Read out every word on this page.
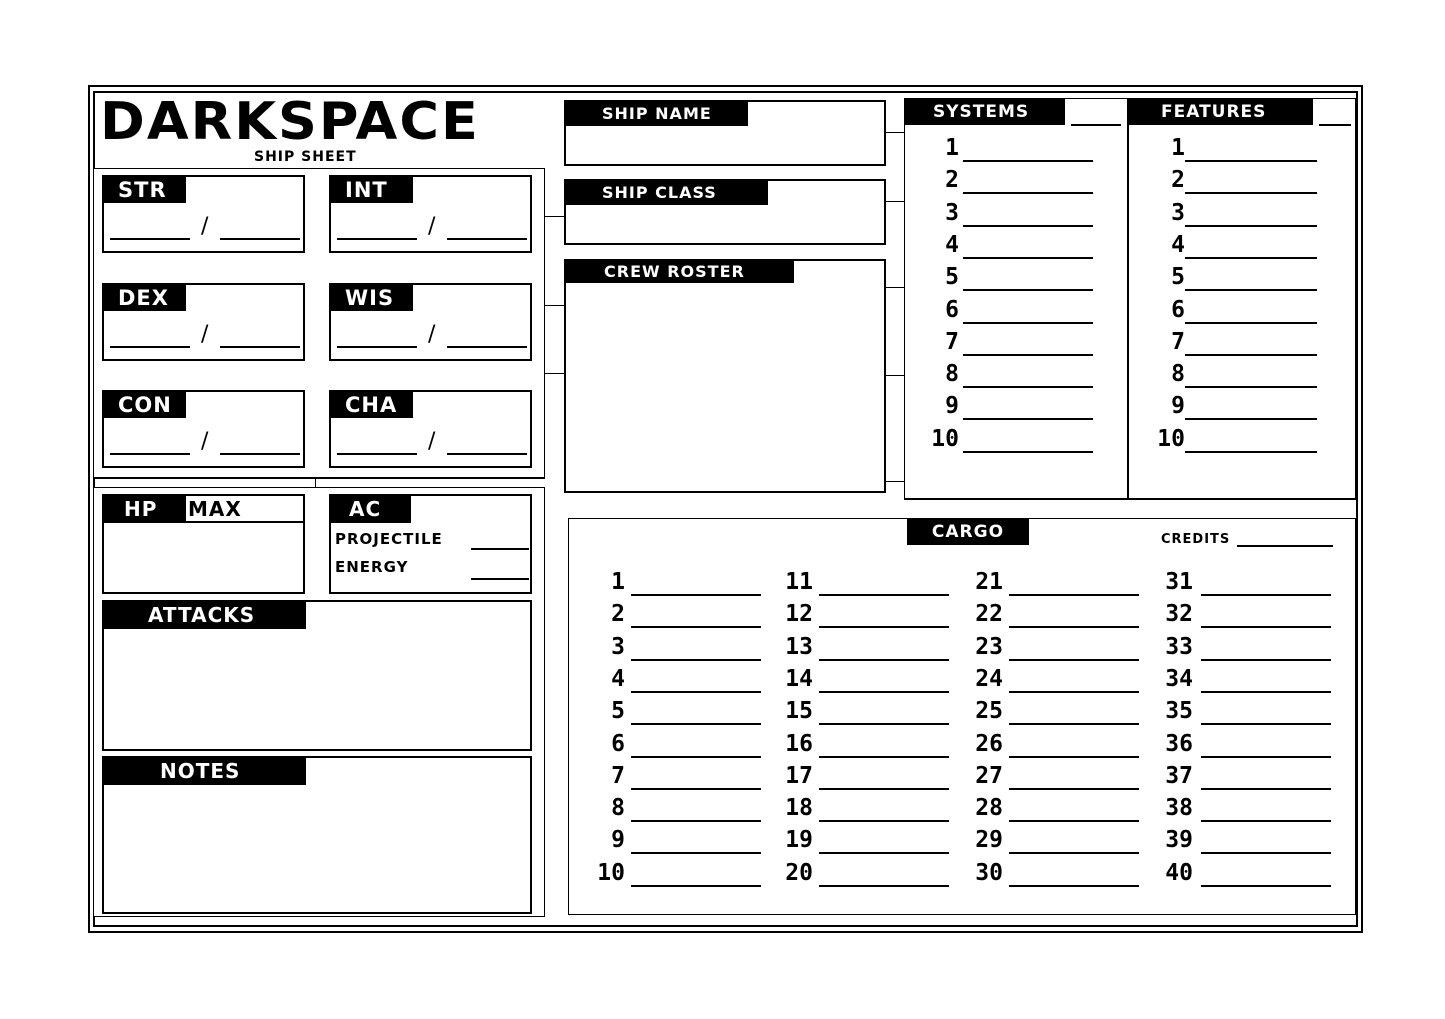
DARKSPACE
SHIP SHEET
STR
/
INT
/
DEX
/
WIS
/
CON
/
CHA
/
HP	MAX	AC
PROJECTILE
ENERGY
ATTACKS
NOTES
SHIP NAME
SHIP CLASS
CREW ROSTER
SYSTEMS
1
2
3
4
5
6
7
8
9
10
FEATURES
1
2
3
4
5
6
7
8
9
10
CARGO	CREDITS
1
2
3
4
5
6
7
8
9
10
11
12
13
14
15
16
17
18
19
20
21
22
23
24
25
26
27
28
29
30
31
32
33
34
35
36
37
38
39
40
